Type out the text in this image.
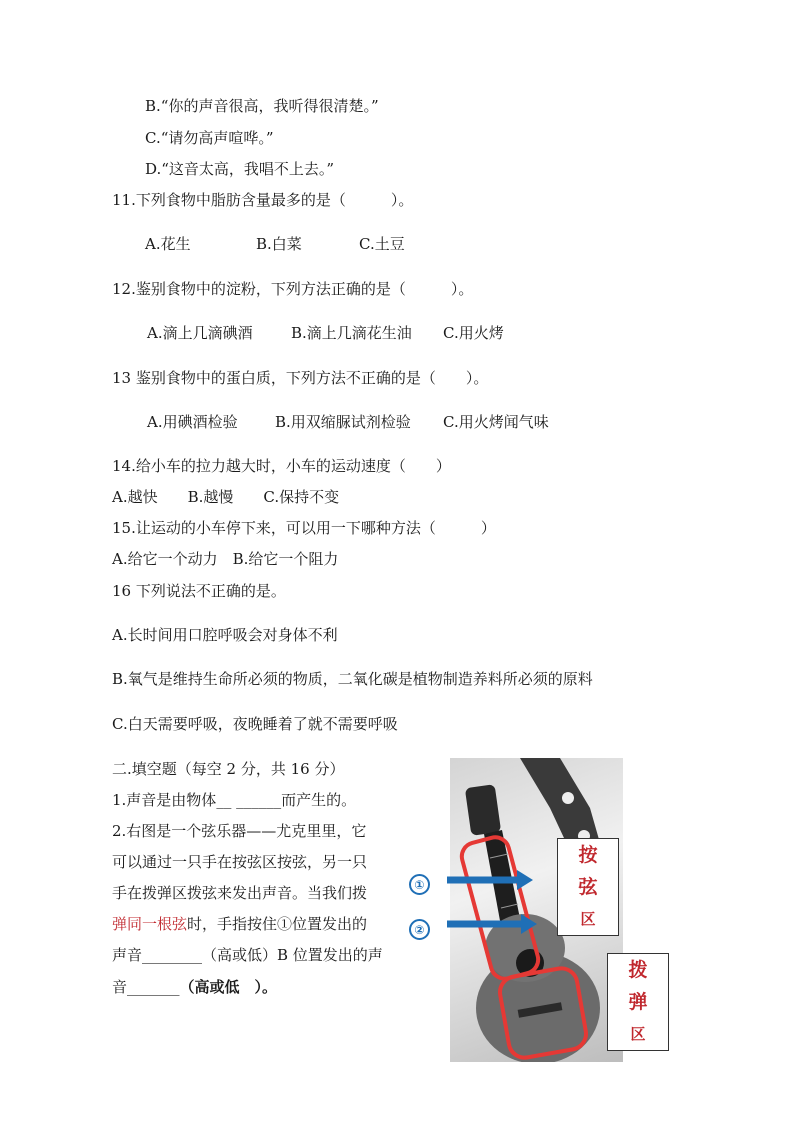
B.“你的声音很高，我听得很清楚。”
C.“请勿高声喧哗。”
D.“这音太高，我唱不上去。”
11.下列食物中脂肪含量最多的是（　　　）。
A.花生	B.白菜	C.土豆
12.鉴别食物中的淀粉，下列方法正确的是（　　　）。
A.滴上几滴碘酒	B.滴上几滴花生油 C.用火烤
13 鉴别食物中的蛋白质，下列方法不正确的是（　　）。
A.用碘酒检验 B.用双缩脲试剂检验 C.用火烤闻气味
14.给小车的拉力越大时，小车的运动速度（　　）
A.越快　　B.越慢　　C.保持不变
15.让运动的小车停下来，可以用一下哪种方法（　　　）
A.给它一个动力　B.给它一个阻力
16 下列说法不正确的是。
A.长时间用口腔呼吸会对身体不利
B.氧气是维持生命所必须的物质，二氧化碳是植物制造养料所必须的原料
C.白天需要呼吸，夜晚睡着了就不需要呼吸
二.填空题（每空 2 分，共 16 分）
1.声音是由物体__ ______而产生的。
2.右图是一个弦乐器——尤克里里，它
可以通过一只手在按弦区按弦，另一只
手在拨弹区拨弦来发出声音。当我们拨
弹同一根弦时，手指按住①位置发出的
声音________（高或低）B 位置发出的声
音_______（高或低　）。
①
②
按
弦
区
拨
弹
区
